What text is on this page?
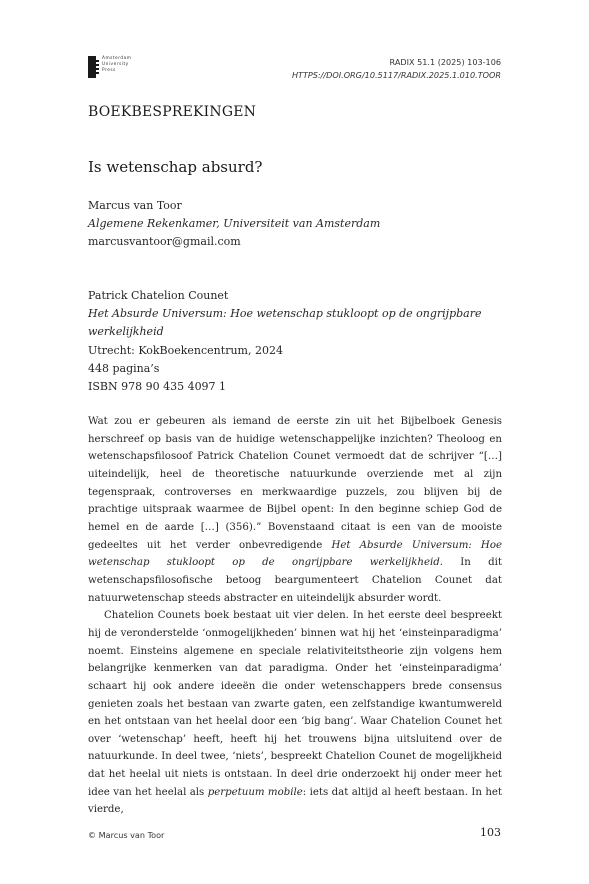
Amsterdam
University
Press
RADIX 51.1 (2025) 103-106
HTTPS://DOI.ORG/10.5117/RADIX.2025.1.010.TOOR
BOEKBESPREKINGEN
Is wetenschap absurd?
Marcus van Toor
Algemene Rekenkamer, Universiteit van Amsterdam
marcusvantoor@gmail.com
Patrick Chatelion Counet
Het Absurde Universum: Hoe wetenschap stukloopt op de ongrijpbare werkelijkheid
Utrecht: KokBoekencentrum, 2024
448 pagina’s
ISBN 978 90 435 4097 1

Wat zou er gebeuren als iemand de eerste zin uit het Bijbelboek Genesis herschreef op basis van de huidige wetenschappelijke inzichten? Theoloog en wetenschapsfilosoof Patrick Chatelion Counet vermoedt dat de schrijver “[…] uiteindelijk, heel de theoretische natuurkunde overziende met al zijn tegenspraak, controverses en merkwaardige puzzels, zou blijven bij de prachtige uitspraak waarmee de Bijbel opent: In den beginne schiep God de hemel en de aarde […] (356).” Bovenstaand citaat is een van de mooiste gedeeltes uit het verder onbevredigende Het Absurde Universum: Hoe wetenschap stukloopt op de ongrijpbare werkelijkheid. In dit wetenschapsfilosofische betoog beargumenteert Chatelion Counet dat natuurwetenschap steeds abstracter en uiteindelijk absurder wordt.

Chatelion Counets boek bestaat uit vier delen. In het eerste deel bespreekt hij de veronderstelde ‘onmogelijkheden’ binnen wat hij het ‘einsteinparadigma’ noemt. Einsteins algemene en speciale relativiteitstheorie zijn volgens hem belangrijke kenmerken van dat paradigma. Onder het ‘einsteinparadigma’ schaart hij ook andere ideeën die onder wetenschappers brede consensus genieten zoals het bestaan van zwarte gaten, een zelfstandige kwantumwereld en het ontstaan van het heelal door een ‘big bang’. Waar Chatelion Counet het over ‘wetenschap’ heeft, heeft hij het trouwens bijna uitsluitend over de natuurkunde. In deel twee, ‘niets’, bespreekt Chatelion Counet de mogelijkheid dat het heelal uit niets is ontstaan. In deel drie onderzoekt hij onder meer het idee van het heelal als perpetuum mobile: iets dat altijd al heeft bestaan. In het vierde,

© Marcus van Toor	103
